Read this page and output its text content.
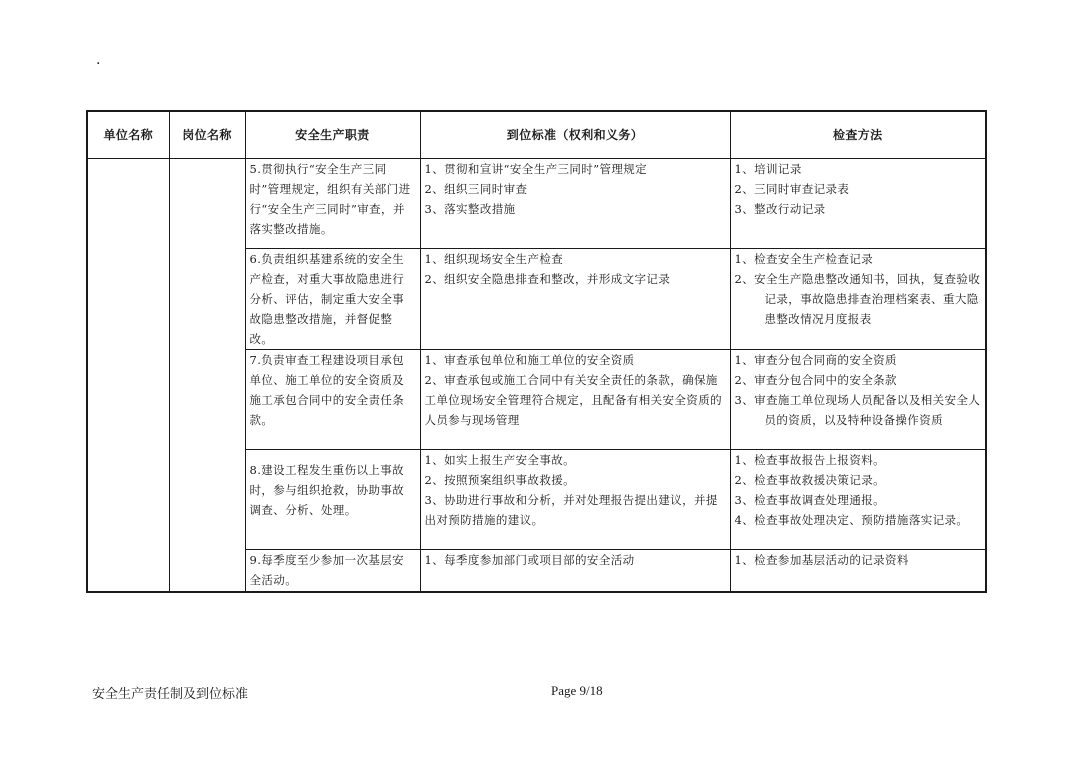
.
单位名称	岗位名称	安全生产职责	到位标准（权利和义务）	检查方法
		5.贯彻执行“安全生产三同时”管理规定，组织有关部门进行“安全生产三同时”审查，并落实整改措施。	1、贯彻和宣讲“安全生产三同时”管理规定
2、组织三同时审查
3、落实整改措施	1、培训记录
2、三同时审查记录表
3、整改行动记录

		6.负责组织基建系统的安全生产检查，对重大事故隐患进行分析、评估，制定重大安全事故隐患整改措施，并督促整改。	1、组织现场安全生产检查
2、组织安全隐患排查和整改，并形成文字记录	1、检查安全生产检查记录
2、安全生产隐患整改通知书，回执，复查验收记录，事故隐患排查治理档案表、重大隐患整改情况月度报表

		7.负责审查工程建设项目承包单位、施工单位的安全资质及施工承包合同中的安全责任条款。	1、审查承包单位和施工单位的安全资质
2、审查承包或施工合同中有关安全责任的条款，确保施工单位现场安全管理符合规定，且配备有相关安全资质的人员参与现场管理	1、审查分包合同商的安全资质
2、审查分包合同中的安全条款
3、审查施工单位现场人员配备以及相关安全人员的资质，以及特种设备操作资质

		8.建设工程发生重伤以上事故时，参与组织抢救，协助事故调查、分析、处理。	1、如实上报生产安全事故。
2、按照预案组织事故救援。
3、协助进行事故和分析，并对处理报告提出建议，并提出对预防措施的建议。	1、检查事故报告上报资料。
2、检查事故救援决策记录。
3、检查事故调查处理通报。
4、检查事故处理决定、预防措施落实记录。

		9.每季度至少参加一次基层安全活动。	1、每季度参加部门或项目部的安全活动	1、检查参加基层活动的记录资料
安全生产责任制及到位标准	Page 9/18
